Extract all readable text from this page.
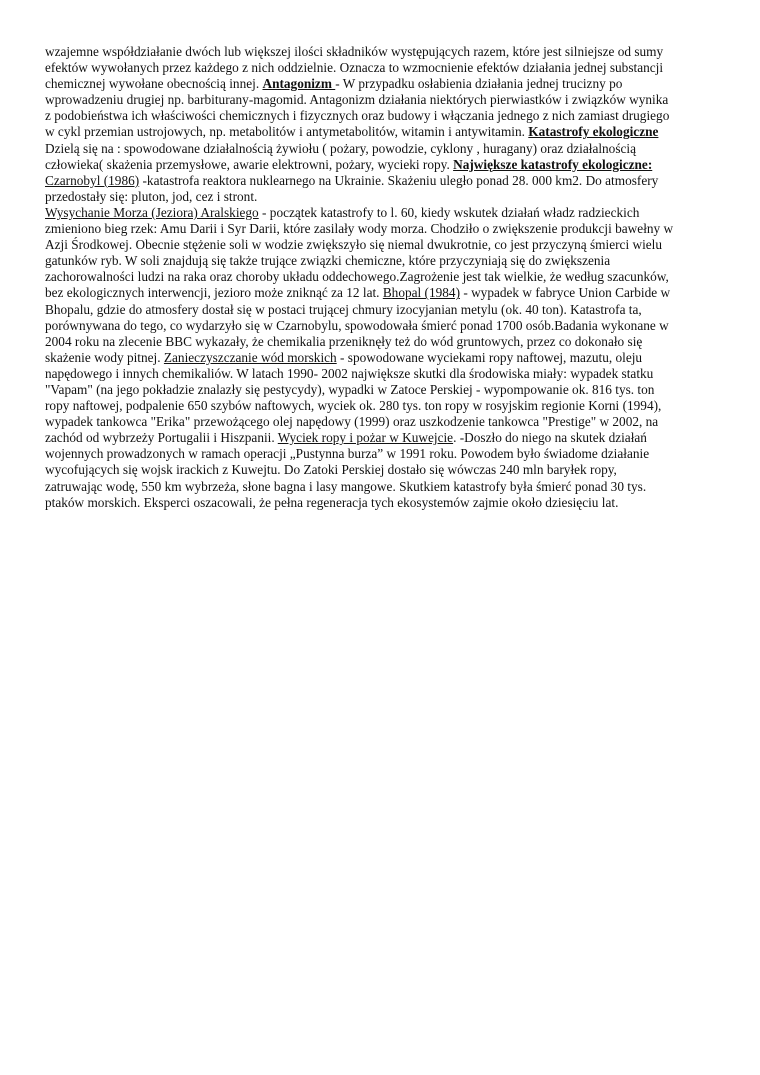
wzajemne współdziałanie dwóch lub większej ilości składników występujących razem, które jest silniejsze od sumy
efektów wywołanych przez każdego z nich oddzielnie. Oznacza to wzmocnienie efektów działania jednej substancji
chemicznej wywołane obecnością innej. Antagonizm - W przypadku osłabienia działania jednej trucizny po
wprowadzeniu drugiej np. barbiturany-magomid. Antagonizm działania niektórych pierwiastków i związków wynika
z podobieństwa ich właściwości chemicznych i fizycznych oraz budowy i włączania jednego z nich zamiast drugiego
w cykl przemian ustrojowych, np. metabolitów i antymetabolitów, witamin i antywitamin. Katastrofy ekologiczne
Dzielą się na : spowodowane działalnością żywiołu ( pożary, powodzie, cyklony , huragany) oraz działalnością
człowieka( skażenia przemysłowe, awarie elektrowni, pożary, wycieki ropy. Największe katastrofy ekologiczne:
Czarnobyl (1986) -katastrofa reaktora nuklearnego na Ukrainie. Skażeniu uległo ponad 28. 000 km2. Do atmosfery
przedostały się: pluton, jod, cez i stront.
Wysychanie Morza (Jeziora) Aralskiego - początek katastrofy to l. 60, kiedy wskutek działań władz radzieckich
zmieniono bieg rzek: Amu Darii i Syr Darii, które zasilały wody morza. Chodziło o zwiększenie produkcji bawełny w
Azji Środkowej. Obecnie stężenie soli w wodzie zwiększyło się niemal dwukrotnie, co jest przyczyną śmierci wielu
gatunków ryb. W soli znajdują się także trujące związki chemiczne, które przyczyniają się do zwiększenia
zachorowalności ludzi na raka oraz choroby układu oddechowego.Zagrożenie jest tak wielkie, że według szacunków,
bez ekologicznych interwencji, jezioro może zniknąć za 12 lat. Bhopal (1984) - wypadek w fabryce Union Carbide w
Bhopalu, gdzie do atmosfery dostał się w postaci trującej chmury izocyjanian metylu (ok. 40 ton). Katastrofa ta,
porównywana do tego, co wydarzyło się w Czarnobylu, spowodowała śmierć ponad 1700 osób.Badania wykonane w
2004 roku na zlecenie BBC wykazały, że chemikalia przeniknęły też do wód gruntowych, przez co dokonało się
skażenie wody pitnej. Zanieczyszczanie wód morskich - spowodowane wyciekami ropy naftowej, mazutu, oleju
napędowego i innych chemikaliów. W latach 1990- 2002 największe skutki dla środowiska miały: wypadek statku
"Vapam" (na jego pokładzie znalazły się pestycydy), wypadki w Zatoce Perskiej - wypompowanie ok. 816 tys. ton
ropy naftowej, podpalenie 650 szybów naftowych, wyciek ok. 280 tys. ton ropy w rosyjskim regionie Korni (1994),
wypadek tankowca "Erika" przewożącego olej napędowy (1999) oraz uszkodzenie tankowca "Prestige" w 2002, na
zachód od wybrzeży Portugalii i Hiszpanii. Wyciek ropy i pożar w Kuwejcie. -Doszło do niego na skutek działań
wojennych prowadzonych w ramach operacji „Pustynna burza” w 1991 roku. Powodem było świadome działanie
wycofujących się wojsk irackich z Kuwejtu. Do Zatoki Perskiej dostało się wówczas 240 mln baryłek ropy,
zatruwając wodę, 550 km wybrzeża, słone bagna i lasy mangowe. Skutkiem katastrofy była śmierć ponad 30 tys.
ptaków morskich. Eksperci oszacowali, że pełna regeneracja tych ekosystemów zajmie około dziesięciu lat.
